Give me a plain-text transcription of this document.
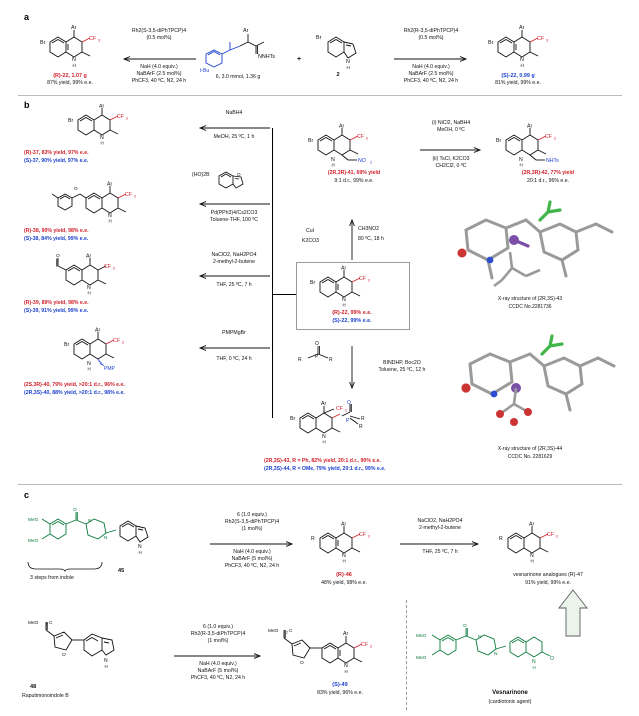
a
Br
Ar
CF 3
N
H
(R)-22, 1.07 g
87% yield, 99% e.e.
Rh2(S-3,5-diPhTPCP)4
(0.5 mol%)
NaH (4.0 equiv.)
NaBArF (2.5 mol%)
PhCF3, 40 ºC, N2, 24 h
t-Bu
Ar
NNHTs
6, 3.0 mmol, 1.36 g
+
Br
N
H
2
Rh2(R-3,5-diPhTPCP)4
(0.5 mol%)
NaH (4.0 equiv.)
NaBArF (2.5 mol%)
PhCF3, 40 ºC, N2, 24 h
Br
Ar
CF 3
N
H
(S)-22, 0.99 g
81% yield, 99% e.e.
b
Br
Ar
CF 3
N
H
(R)-22, 99% e.e.
(S)-22, 99% e.e.
NaBH4
MeOH, 25 ºC, 1 h
Br
Ar
CF 3
N
H
(R)-37, 83% yield, 97% e.e.
(S)-37, 90% yield, 97% e.e.
(HO)2B	O
Pd(PPh3)4/Cs2CO3
Toluene-THF, 100 ºC
O
Ar
CF 3
N
H
(R)-38, 90% yield, 98% e.e.
(S)-38, 84% yield, 99% e.e.
NaClO2, NaH2PO4
2-methyl-2-butene
THF, 25 ºC, 7 h
Ar
CF 3
N
H
O
(R)-39, 89% yield, 98% e.e.
(S)-39, 91% yield, 99% e.e.
PMPMgBr
THF, 0 ºC, 24 h
Br
Ar
CF 3
N
H	PMP
(2S,3R)-40, 79% yield, >20:1 d.r., 96% e.e.
(2R,3S)-40, 88% yield, >20:1 d.r., 98% e.e.
CuI
K2CO3
CH3NO2
80 ºC, 18 h
Br
Ar
CF 3
N
H
NO 2
(2R,3R)-41, 69% yield
9:1 d.r., 99% e.e.
(i) NiCl2, NaBH4
MeOH, 0 ºC
(ii) TsCl, K2CO3
CH2Cl2, 0 ºC
Br
Ar
CF 3
N
H
NHTs
(2R,3R)-42, 77% yield
20:1 d.r., 96% e.e.
O
P
R	R	BINDHP, Boc2O
Toluene, 25 ºC, 12 h
Br
Ar
CF 3
N
H
P
O
R
R
(2R,3S)-43, R = Ph, 82% yield, 20:1 d.r., 90% e.e.
(2R,3S)-44, R = OMe, 79% yield, 20:1 d.r., 99% e.e.
X-ray structure of (2R,3S)-43
CCDC No.2281736
X-ray structure of (2R,3S)-44
CCDC No. 2281629
c
MeO
MeO
O
N
N
N
H
45
3 steps from indole
6 (1.0 equiv.)
Rh2(S-3,5-diPhTPCP)4
(1 mol%)
NaH (4.0 equiv.)
NaBArF (5 mol%)
PhCF3, 40 ºC, N2, 24 h
R
Ar
CF 3
N
H
(R)-46
48% yield, 98% e.e.
NaClO2, NaH2PO4
2-methyl-2-butene
THF, 25 ºC, 7 h
R
Ar
CF 3
N
H
vesnarinone analogues (R)-47
91% yield, 99% e.e.
MeO 2 C
O
N
H
48
Raputimonoindole B
6 (1.0 equiv.)
Rh2(R-3,5-diPhTPCP)4
(1 mol%)
NaH (4.0 equiv.)
NaBArF (5 mol%)
PhCF3, 40 ºC, N2, 24 h
MeO 2 C
O
Ar
CF 3
N
H
(S)-49
83% yield, 96% e.e.
MeO
MeO
O
N
N
N
H
O
Vesnarinone
(cardiotonic agent)
